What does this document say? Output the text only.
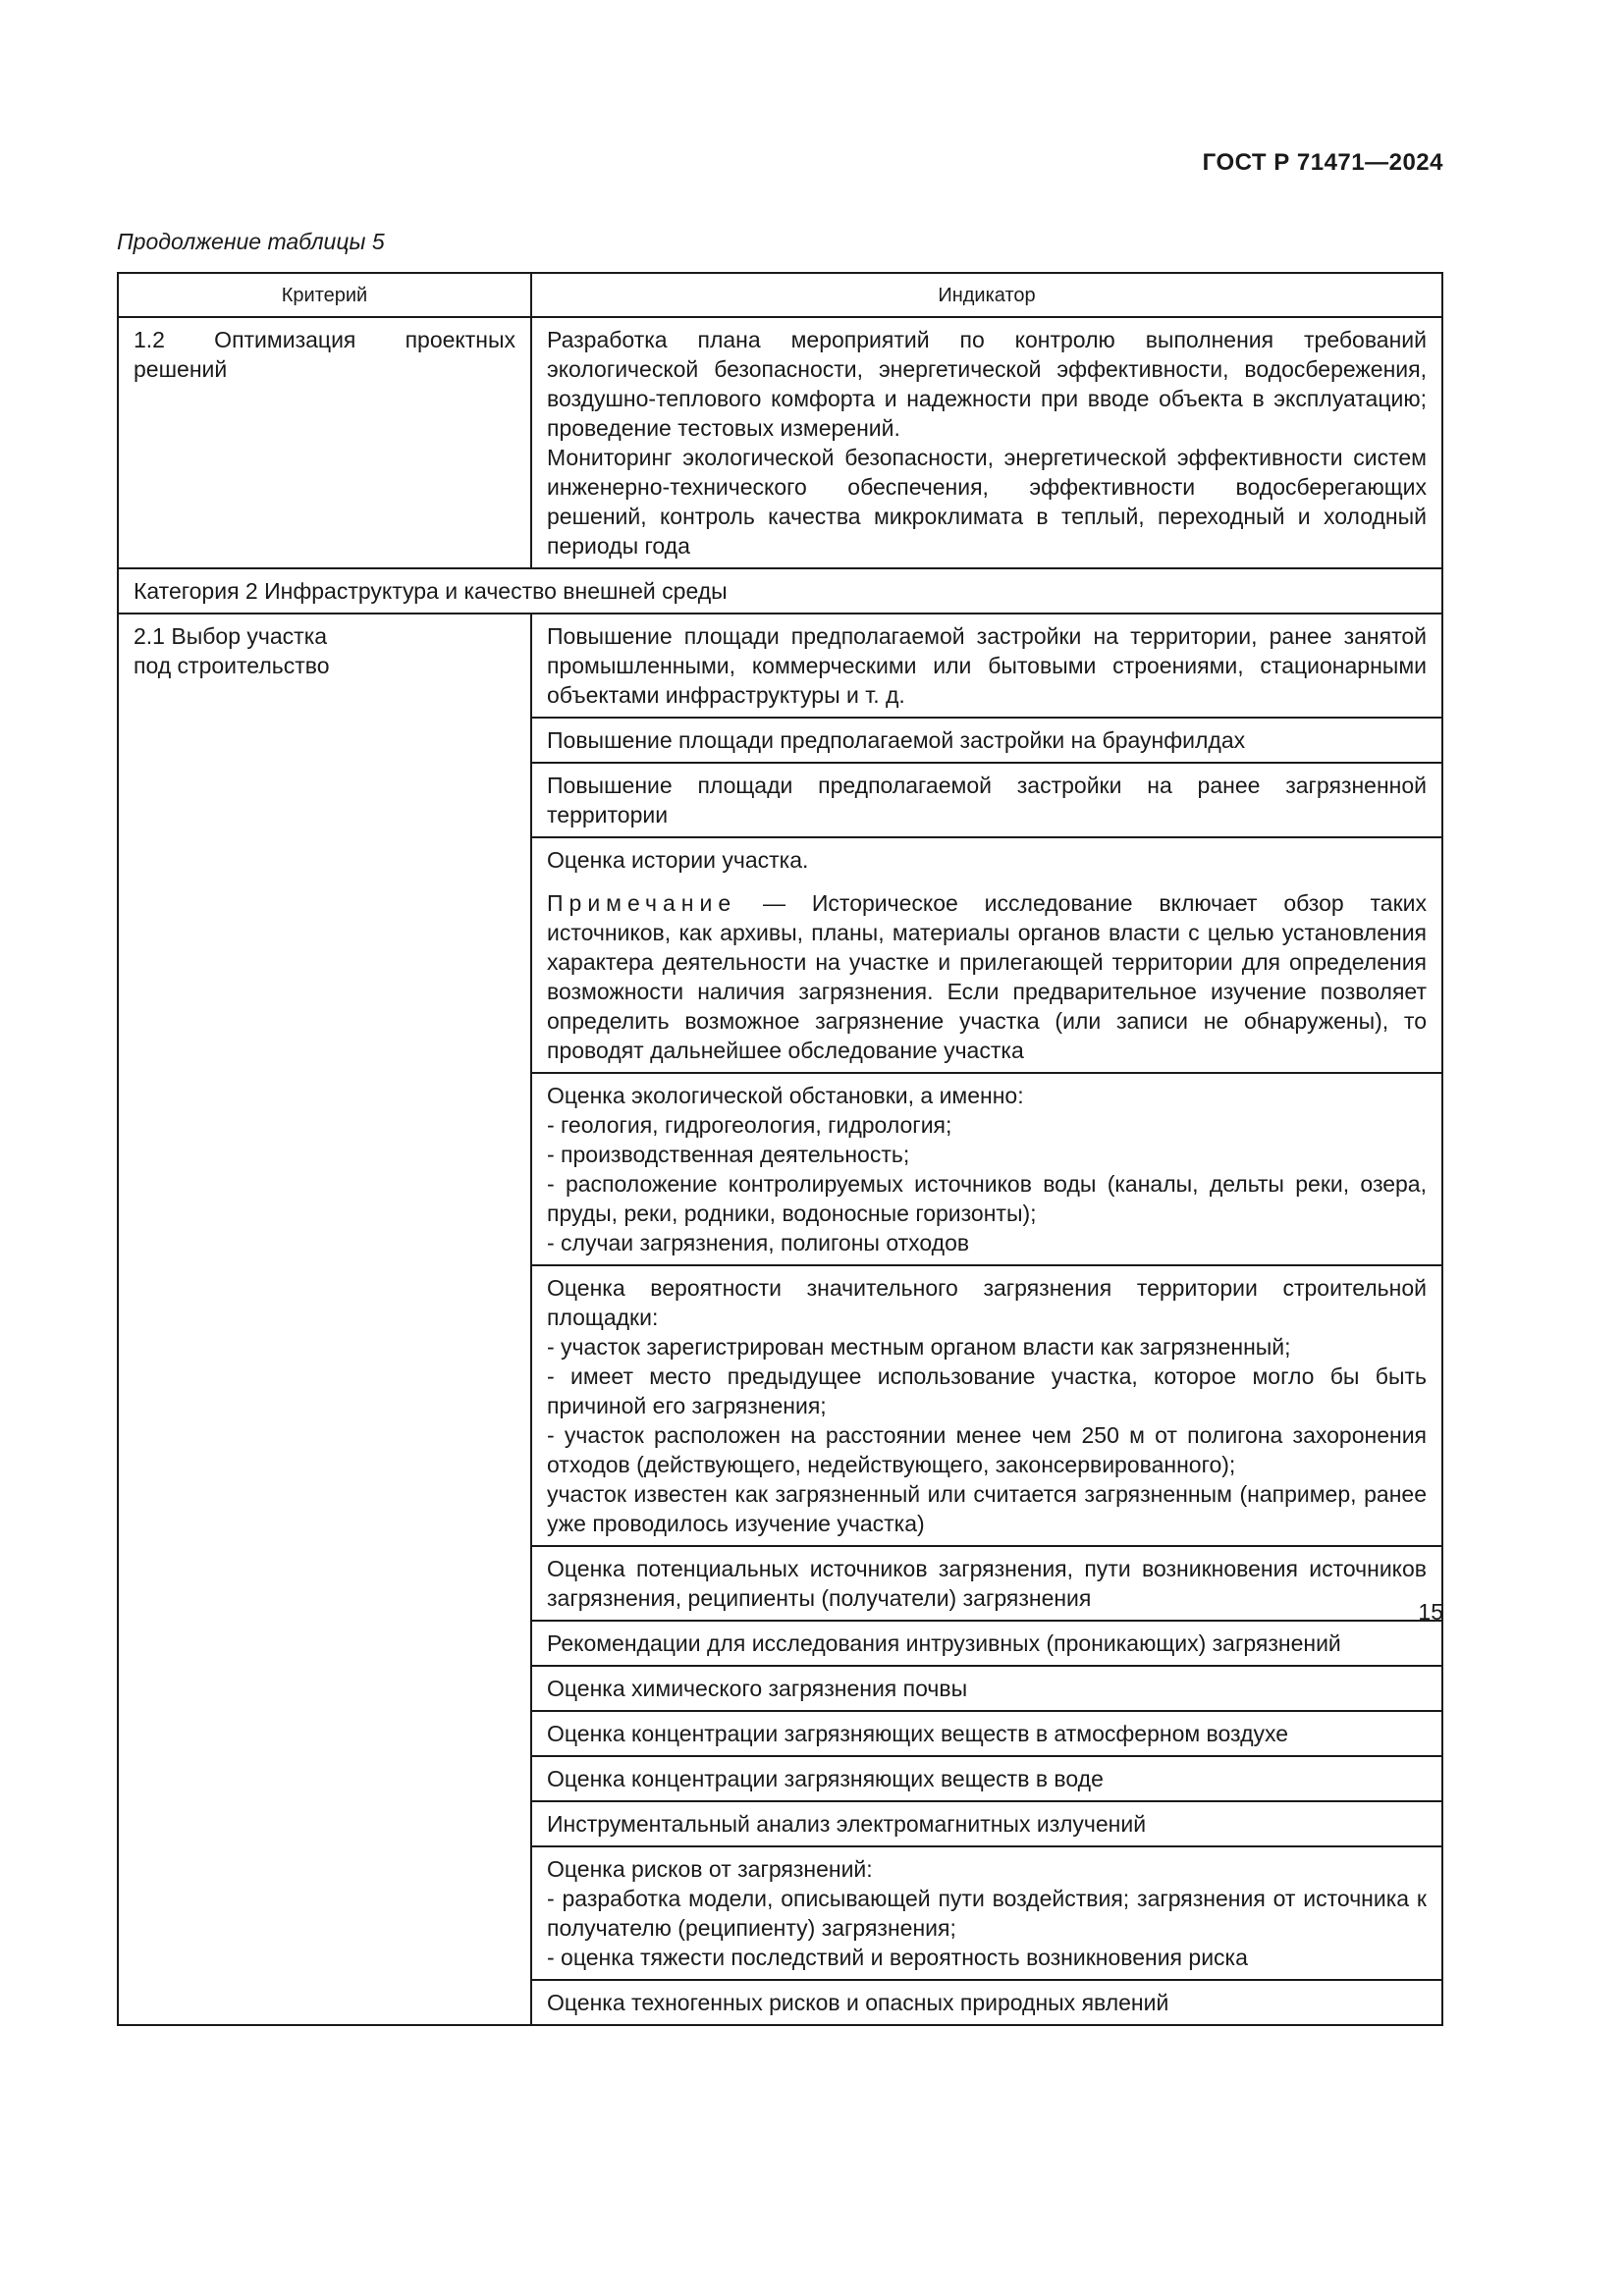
ГОСТ Р 71471—2024
Продолжение таблицы 5
Критерий	Индикатор
1.2 Оптимизация проектных решений	Разработка плана мероприятий по контролю выполнения требований экологической безопасности, энергетической эффективности, водосбережения, воздушно-теплового комфорта и надежности при вводе объекта в эксплуатацию; проведение тестовых измерений.
Мониторинг экологической безопасности, энергетической эффективности систем инженерно-технического обеспечения, эффективности водосберегающих решений, контроль качества микроклимата в теплый, переходный и холодный периоды года

Категория 2 Инфраструктура и качество внешней среды	

2.1 Выбор участка
под строительство	Повышение площади предполагаемой застройки на территории, ранее занятой промышленными, коммерческими или бытовыми строениями, стационарными объектами инфраструктуры и т. д.
	Повышение площади предполагаемой застройки на браунфилдах
	Повышение площади предполагаемой застройки на ранее загрязненной территории

	Оценка истории участка.
Примечание — Историческое исследование включает обзор таких источников, как архивы, планы, материалы органов власти с целью установления характера деятельности на участке и прилегающей территории для определения возможности наличия загрязнения. Если предварительное изучение позволяет определить возможное загрязнение участка (или записи не обнаружены), то проводят дальнейшее обследование участка

	Оценка экологической обстановки, а именно:
- геология, гидрогеология, гидрология;
- производственная деятельность;
- расположение контролируемых источников воды (каналы, дельты реки, озера, пруды, реки, родники, водоносные горизонты);
- случаи загрязнения, полигоны отходов

	Оценка вероятности значительного загрязнения территории строительной площадки:
- участок зарегистрирован местным органом власти как загрязненный;
- имеет место предыдущее использование участка, которое могло бы быть причиной его загрязнения;
- участок расположен на расстоянии менее чем 250 м от полигона захоронения отходов (действующего, недействующего, законсервированного);
участок известен как загрязненный или считается загрязненным (например, ранее уже проводилось изучение участка)

	Оценка потенциальных источников загрязнения, пути возникновения источников загрязнения, реципиенты (получатели) загрязнения
	Рекомендации для исследования интрузивных (проникающих) загрязнений
	Оценка химического загрязнения почвы
	Оценка концентрации загрязняющих веществ в атмосферном воздухе
	Оценка концентрации загрязняющих веществ в воде
	Инструментальный анализ электромагнитных излучений

	Оценка рисков от загрязнений:
- разработка модели, описывающей пути воздействия; загрязнения от источника к получателю (реципиенту) загрязнения;
- оценка тяжести последствий и вероятность возникновения риска

	Оценка техногенных рисков и опасных природных явлений
15
